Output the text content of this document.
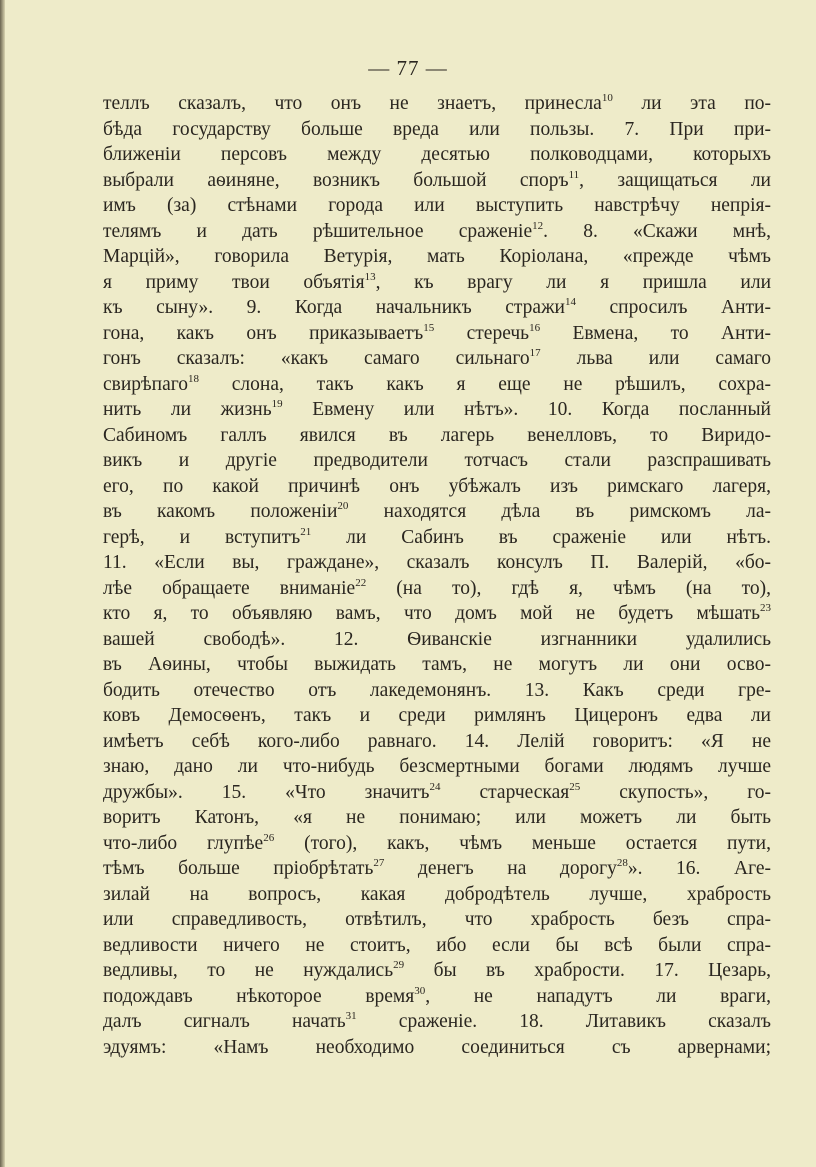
— 77 —
теллъ сказалъ, что онъ не знаетъ, принесла$^{10}$ ли эта по-
бѣда государству больше вреда или пользы. 7. При при-
ближеніи персовъ между десятью полководцами, которыхъ
выбрали аѳиняне, возникъ большой споръ$^{11}$, защищаться ли
имъ (за) стѣнами города или выступить навстрѣчу непрія-
телямъ и дать рѣшительное сраженіе$^{12}$. 8. «Скажи мнѣ,
Марцій», говорила Ветурія, мать Коріолана, «прежде чѣмъ
я приму твои объятія$^{13}$, къ врагу ли я пришла или
къ сыну». 9. Когда начальникъ стражи$^{14}$ спросилъ Анти-
гона, какъ онъ приказываетъ$^{15}$ стеречь$^{16}$ Евмена, то Анти-
гонъ сказалъ: «какъ самаго сильнаго$^{17}$ льва или самаго
свирѣпаго$^{18}$ слона, такъ какъ я еще не рѣшилъ, сохра-
нить ли жизнь$^{19}$ Евмену или нѣтъ». 10. Когда посланный
Сабиномъ галлъ явился въ лагерь венелловъ, то Виридо-
викъ и другіе предводители тотчасъ стали разспрашивать
его, по какой причинѣ онъ убѣжалъ изъ римскаго лагеря,
въ какомъ положеніи$^{20}$ находятся дѣла въ римскомъ ла-
герѣ, и вступитъ$^{21}$ ли Сабинъ въ сраженіе или нѣтъ.
11. «Если вы, граждане», сказалъ консулъ П. Валерій, «бо-
лѣе обращаете вниманіе$^{22}$ (на то), гдѣ я, чѣмъ (на то),
кто я, то объявляю вамъ, что домъ мой не будетъ мѣшать$^{23}$
вашей свободѣ». 12. Ѳиванскіе изгнанники удалились
въ Аѳины, чтобы выжидать тамъ, не могутъ ли они осво-
бодить отечество отъ лакедемонянъ. 13. Какъ среди гре-
ковъ Демосѳенъ, такъ и среди римлянъ Цицеронъ едва ли
имѣетъ себѣ кого-либо равнаго. 14. Лелій говоритъ: «Я не
знаю, дано ли что-нибудь безсмертными богами людямъ лучше
дружбы». 15. «Что значитъ$^{24}$ старческая$^{25}$ скупость», го-
воритъ Катонъ, «я не понимаю; или можетъ ли быть
что-либо глупѣе$^{26}$ (того), какъ, чѣмъ меньше остается пути,
тѣмъ больше пріобрѣтать$^{27}$ денегъ на дорогу$^{28}$». 16. Аге-
зилай на вопросъ, какая добродѣтель лучше, храбрость
или справедливость, отвѣтилъ, что храбрость безъ спра-
ведливости ничего не стоитъ, ибо если бы всѣ были спра-
ведливы, то не нуждались$^{29}$ бы въ храбрости. 17. Цезарь,
подождавъ нѣкоторое время$^{30}$, не нападутъ ли враги,
далъ сигналъ начать$^{31}$ сраженіе. 18. Литавикъ сказалъ
эдуямъ: «Намъ необходимо соединиться съ арвернами;
